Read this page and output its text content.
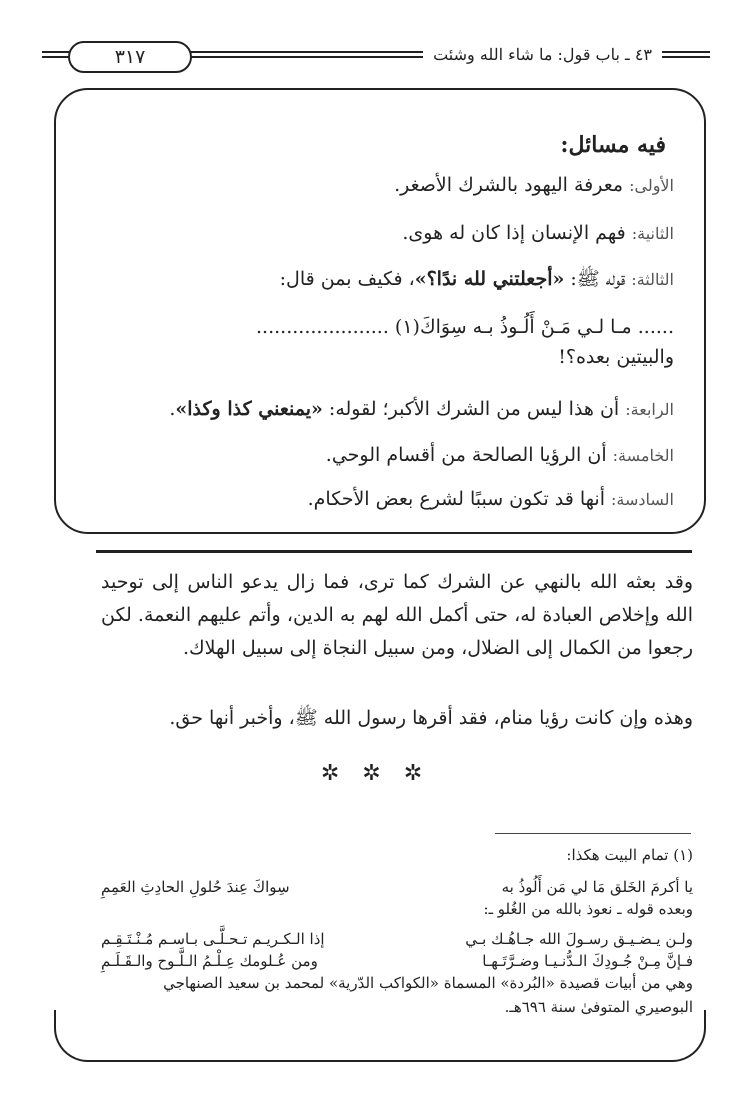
٤٣ ـ باب قول: ما شاء الله وشئت
٣١٧
فيه مسائل:
الأولى: معرفة اليهود بالشرك الأصغر.
الثانية: فهم الإنسان إذا كان له هوى.
الثالثة: قوله ﷺ: «أجعلتني لله ندًا؟»، فكيف بمن قال:
...... مـا لـي مَـنْ أَلُـوذُ بـه سِوَاكَ(١) ......................
والبيتين بعده؟!
الرابعة: أن هذا ليس من الشرك الأكبر؛ لقوله: «يمنعني كذا وكذا».
الخامسة: أن الرؤيا الصالحة من أقسام الوحي.
السادسة: أنها قد تكون سببًا لشرع بعض الأحكام.
وقد بعثه الله بالنهي عن الشرك كما ترى، فما زال يدعو الناس إلى توحيد الله وإخلاص العبادة له، حتى أكمل الله لهم به الدين، وأتم عليهم النعمة. لكن رجعوا من الكمال إلى الضلال، ومن سبيل النجاة إلى سبيل الهلاك.
وهذه وإن كانت رؤيا منام، فقد أقرها رسول الله ﷺ، وأخبر أنها حق.
✲ ✲ ✲
(١) تمام البيت هكذا:
يا أكرمَ الخَلق مَا لي مَن أَلُوذُ به
سِواكَ عِندَ حُلولِ الحادِثِ العَمِمِ
وبعده قوله ـ نعوذ بالله من الغُلو ـ:
ولـن يـضـيـق رسـولَ الله جـاهُـك بـي
إذا الـكـريـم تـحـلَّـى بـاسـم مُـنْـتَـقِـم
فـإنَّ مِـنْ جُـودِكَ الـدُّنـيـا وضـرَّتَـهـا
ومن عُـلومك عِـلْـمُ الـلَّـوح والـقَـلَـمِ
وهي من أبيات قصيدة «البُردة» المسماة «الكواكب الدّرية» لمحمد بن سعيد الصنهاجي
البوصيري المتوفىٰ سنة ٦٩٦هـ.
